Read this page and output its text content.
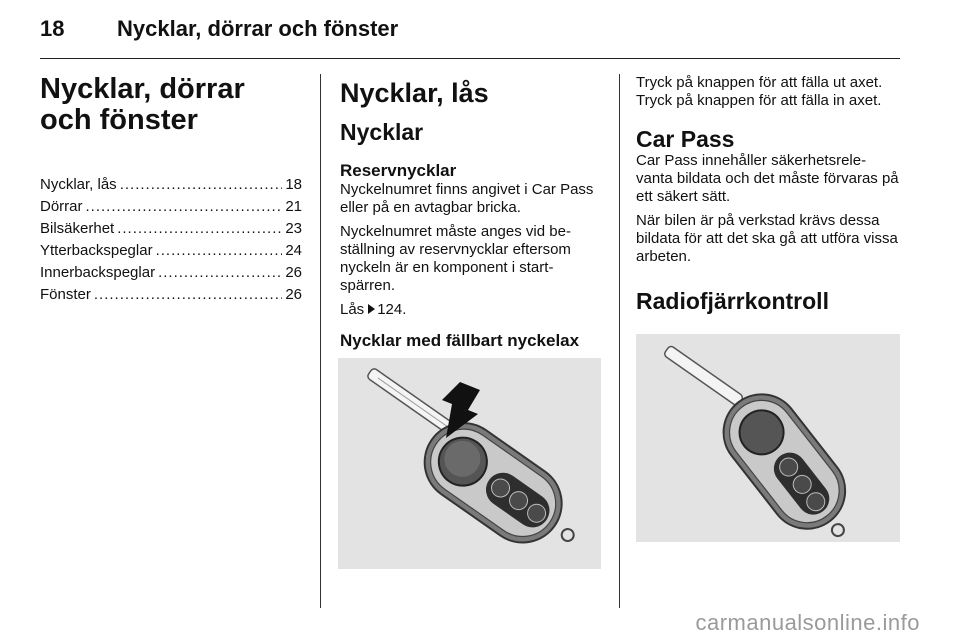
18 Nycklar, dörrar och fönster
Nycklar, dörrar och fönster
Nycklar, lås .....	18
Dörrar .....	21
Bilsäkerhet .....	23
Ytterbackspeglar .....	24
Innerbackspeglar .....	26
Fönster .....	26
Nycklar, lås
Nycklar
Reservnycklar

Nyckelnumret finns angivet i Car Pass eller på en avtagbar bricka.

Nyckelnumret måste anges vid be- ställning av reservnycklar eftersom nyckeln är en komponent i start- spärren.

Lås 124.

Nycklar med fällbart nyckelax

Tryck på knappen för att fälla ut axet.

Tryck på knappen för att fälla in axet.

Car Pass

Car Pass innehåller säkerhetsrele- vanta bildata och det måste förvaras på ett säkert sätt.

När bilen är på verkstad krävs dessa bildata för att det ska gå att utföra vissa arbeten.

Radiofjärrkontroll
carmanualsonline.info
